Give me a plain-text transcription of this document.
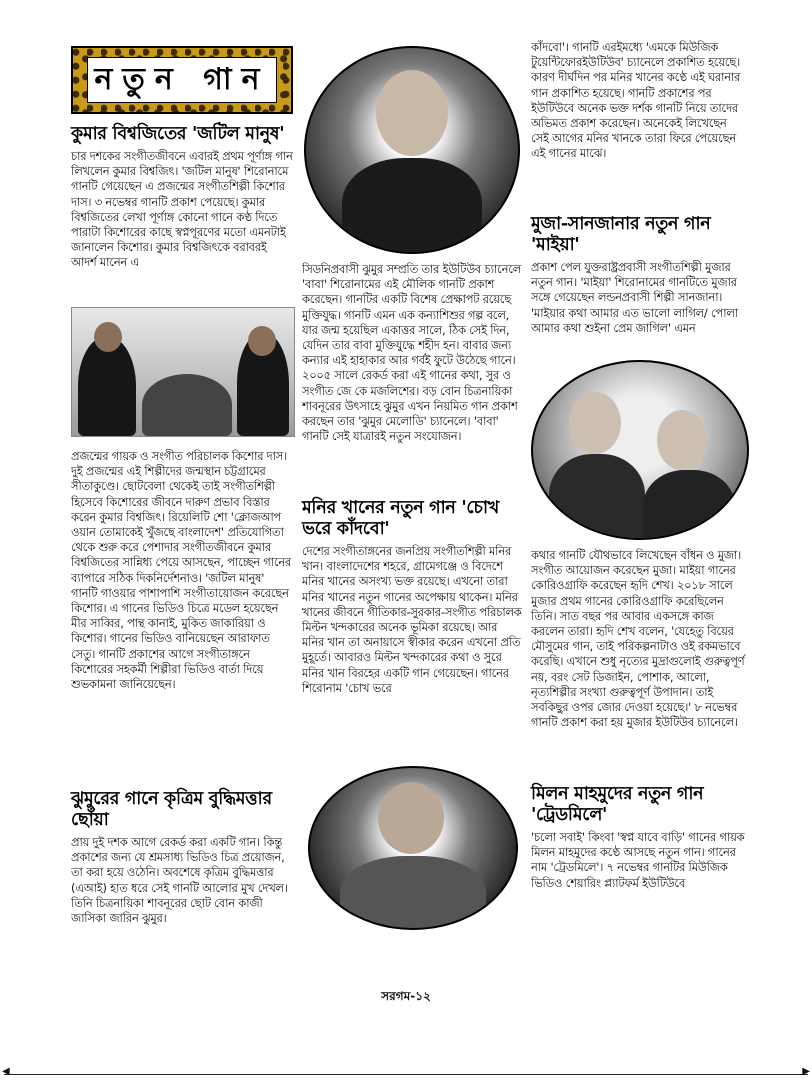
নতুন গান
কুমার বিশ্বজিতের 'জটিল মানুষ'

চার দশকের সংগীতজীবনে এবারই প্রথম পূর্ণাঙ্গ গান লিখলেন কুমার বিশ্বজিৎ। 'জটিল মানুষ' শিরোনামে গানটি গেয়েছেন এ প্রজন্মের সংগীতশিল্পী কিশোর দাস। ৩ নভেম্বর গানটি প্রকাশ পেয়েছে। কুমার বিশ্বজিতের লেখা পূর্ণাঙ্গ কোনো গানে কণ্ঠ দিতে পারাটা কিশোরের কাছে স্বপ্নপূরণের মতো এমনটাই জানালেন কিশোর। কুমার বিশ্বজিৎকে বরাবরই আদর্শ মানেন এ

প্রজন্মের গায়ক ও সংগীত পরিচালক কিশোর দাস। দুই প্রজন্মের এই শিল্পীদের জন্মস্থান চট্টগ্রামের সীতাকুণ্ডে। ছোটবেলা থেকেই তাই সংগীতশিল্পী হিসেবে কিশোরের জীবনে দারুণ প্রভাব বিস্তার করেন কুমার বিশ্বজিৎ। রিয়েলিটি শো 'ক্লোজআপ ওয়ান তোমাকেই খুঁজছে বাংলাদেশ' প্রতিযোগিতা থেকে শুরু করে পেশাদার সংগীতজীবনে কুমার বিশ্বজিতের সান্নিধ্য পেয়ে আসছেন, পাচ্ছেন গানের ব্যাপারে সঠিক দিকনির্দেশনাও। 'জটিল মানুষ' গানটি গাওয়ার পাশাপাশি সংগীতায়োজন করেছেন কিশোর। এ গানের ভিডিও চিত্রে মডেল হয়েছেন মীর সাব্বির, পান্থ কানাই, মুকিত জাকারিয়া ও কিশোর। গানের ভিডিও বানিয়েছেন আরাফাত সেতু। গানটি প্রকাশের আগে সংগীতাঙ্গনে কিশোরের সহকর্মী শিল্পীরা ভিডিও বার্তা দিয়ে শুভকামনা জানিয়েছেন।

ঝুমুরের গানে কৃত্রিম বুদ্ধিমত্তার ছোঁয়া

প্রায় দুই দশক আগে রেকর্ড করা একটি গান। কিন্তু প্রকাশের জন্য যে শ্রমসাধ্য ভিডিও চিত্র প্রয়োজন, তা করা হয়ে ওঠেনি। অবশেষে কৃত্রিম বুদ্ধিমত্তার (এআই) হাত ধরে সেই গানটি আলোর মুখ দেখল। তিনি চিত্রনায়িকা শাবনূরের ছোট বোন কাজী জাসিকা জারিন ঝুমুর।

সিডনিপ্রবাসী ঝুমুর সম্প্রতি তার ইউটিউব চ্যানেলে 'বাবা' শিরোনামের এই মৌলিক গানটি প্রকাশ করেছেন। গানটির একটি বিশেষ প্রেক্ষাপট রয়েছে মুক্তিযুদ্ধ। গানটি এমন এক কন্যাশিশুর গল্প বলে, যার জন্ম হয়েছিল একাত্তর সালে, ঠিক সেই দিন, যেদিন তার বাবা মুক্তিযুদ্ধে শহীদ হন। বাবার জন্য কন্যার এই হাহাকার আর গর্বই ফুটে উঠেছে গানে। ২০০৫ সালে রেকর্ড করা এই গানের কথা, সুর ও সংগীত জে কে মজলিশের। বড় বোন চিত্রনায়িকা শাবনূরের উৎসাহে ঝুমুর এখন নিয়মিত গান প্রকাশ করছেন তার 'ঝুমুর মেলোডি' চ্যানেলে। 'বাবা' গানটি সেই যাত্রারই নতুন সংযোজন।

মনির খানের নতুন গান 'চোখ ভরে কাঁদবো'

দেশের সংগীতাঙ্গনের জনপ্রিয় সংগীতশিল্পী মনির খান। বাংলাদেশের শহরে, গ্রামেগঞ্জে ও বিদেশে মনির খানের অসংখ্য ভক্ত রয়েছে। এখনো তারা মনির খানের নতুন গানের অপেক্ষায় থাকেন। মনির খানের জীবনে গীতিকার-সুরকার-সংগীত পরিচালক মিল্টন খন্দকারের অনেক ভূমিকা রয়েছে। আর মনির খান তা অনায়াসে স্বীকার করেন এখনো প্রতি মুহূর্তে। আবারও মিল্টন খন্দকারের কথা ও সুরে মনির খান বিরহের একটি গান গেয়েছেন। গানের শিরোনাম 'চোখ ভরে

কাঁদবো'। গানটি এরইমধ্যে 'এমকে মিউজিক টুয়েন্টিফোরইউটিউব' চ্যানেলে প্রকাশিত হয়েছে। কারণ দীর্ঘদিন পর মনির খানের কণ্ঠে এই ঘরানার গান প্রকাশিত হয়েছে। গানটি প্রকাশের পর ইউটিউবে অনেক ভক্ত দর্শক গানটি নিয়ে তাদের অভিমত প্রকাশ করেছেন। অনেকেই লিখেছেন সেই আগের মনির খানকে তারা ফিরে পেয়েছেন এই গানের মাঝে।

মুজা-সানজানার নতুন গান 'মাইয়া'

প্রকাশ পেল যুক্তরাষ্ট্রপ্রবাসী সংগীতশিল্পী মুজার নতুন গান। 'মাইয়া' শিরোনামের গানটিতে মুজার সঙ্গে গেয়েছেন লন্ডনপ্রবাসী শিল্পী সানজানা। 'মাইয়ার কথা আমার এত ভালো লাগিল/ পোলা আমার কথা শুইনা প্রেম জাগিল' এমন

কথার গানটি যৌথভাবে লিখেছেন বাঁধন ও মুজা। সংগীত আয়োজন করেছেন মুজা। মাইয়া গানের কোরিওগ্রাফি করেছেন হৃদি শেখ। ২০১৮ সালে মুজার প্রথম গানের কোরিওগ্রাফি করেছিলেন তিনি। সাত বছর পর আবার একসঙ্গে কাজ করলেন তারা। হৃদি শেখ বলেন, 'যেহেতু বিয়ের মৌসুমের গান, তাই পরিকল্পনাটাও ওই রকমভাবে করেছি। এখানে শুধু নৃত্যের মুদ্রাগুলোই গুরুত্বপূর্ণ নয়, বরং সেট ডিজাইন, পোশাক, আলো, নৃত্যশিল্পীর সংখ্যা গুরুত্বপূর্ণ উপাদান। তাই সবকিছুর ওপর জোর দেওয়া হয়েছে।' ৮ নভেম্বর গানটি প্রকাশ করা হয় মুজার ইউটিউব চ্যানেলে।

মিলন মাহমুদের নতুন গান 'ট্রেডমিলে'

'চলো সবাই' কিংবা 'স্বপ্ন যাবে বাড়ি' গানের গায়ক মিলন মাহমুদের কণ্ঠে আসছে নতুন গান। গানের নাম 'ট্রেডমিলে'। ৭ নভেম্বর গানটির মিউজিক ভিডিও শেয়ারিং প্ল্যাটফর্ম ইউটিউবে

সরগম-১২
◀	▶
